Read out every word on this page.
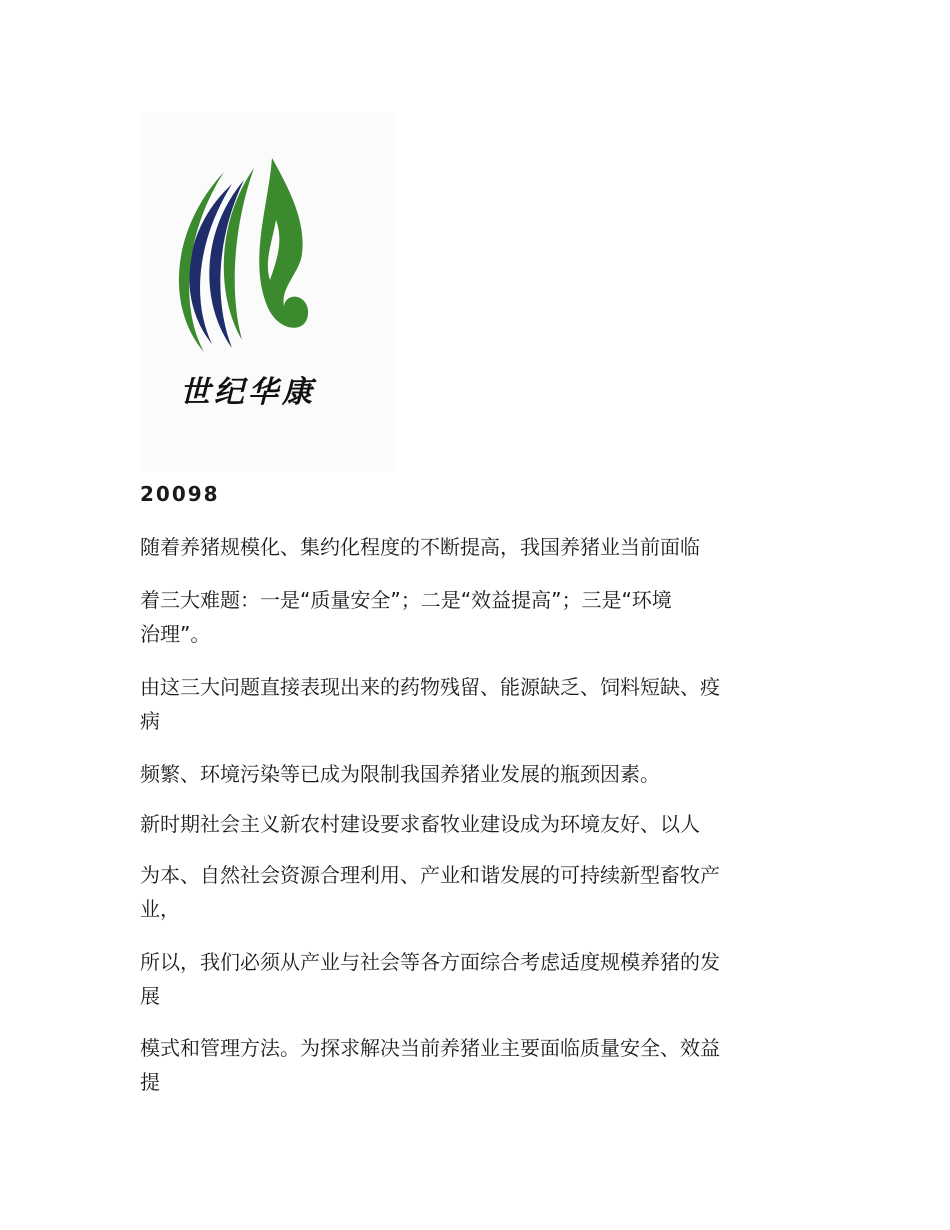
世纪华康

20098

随着养猪规模化、集约化程度的不断提高，我国养猪业当前面临

着三大难题：一是“质量安全”；二是“效益提高”；三是“环境
治理”。

由这三大问题直接表现出来的药物残留、能源缺乏、饲料短缺、疫
病

频繁、环境污染等已成为限制我国养猪业发展的瓶颈因素。

新时期社会主义新农村建设要求畜牧业建设成为环境友好、以人

为本、自然社会资源合理利用、产业和谐发展的可持续新型畜牧产
业，

所以，我们必须从产业与社会等各方面综合考虑适度规模养猪的发
展

模式和管理方法。为探求解决当前养猪业主要面临质量安全、效益
提
